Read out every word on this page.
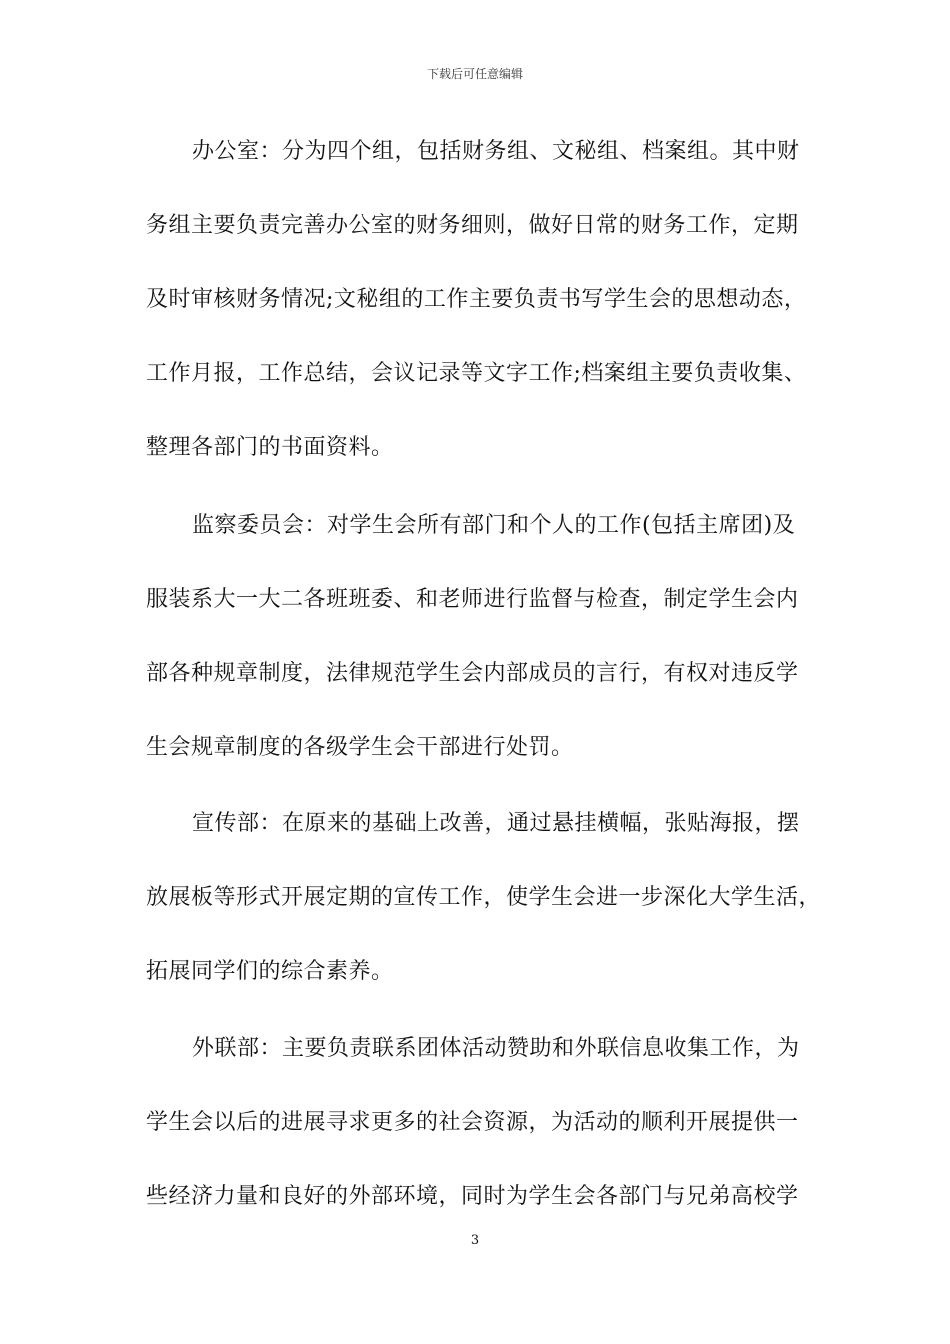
下载后可任意编辑
办公室：分为四个组，包括财务组、文秘组、档案组。其中财
务组主要负责完善办公室的财务细则，做好日常的财务工作，定期
及时审核财务情况;文秘组的工作主要负责书写学生会的思想动态，
工作月报，工作总结，会议记录等文字工作;档案组主要负责收集、
整理各部门的书面资料。
监察委员会：对学生会所有部门和个人的工作(包括主席团)及
服装系大一大二各班班委、和老师进行监督与检查，制定学生会内
部各种规章制度，法律规范学生会内部成员的言行，有权对违反学
生会规章制度的各级学生会干部进行处罚。
宣传部：在原来的基础上改善，通过悬挂横幅，张贴海报，摆
放展板等形式开展定期的宣传工作，使学生会进一步深化大学生活，
拓展同学们的综合素养。
外联部：主要负责联系团体活动赞助和外联信息收集工作，为
学生会以后的进展寻求更多的社会资源，为活动的顺利开展提供一
些经济力量和良好的外部环境，同时为学生会各部门与兄弟高校学
3
